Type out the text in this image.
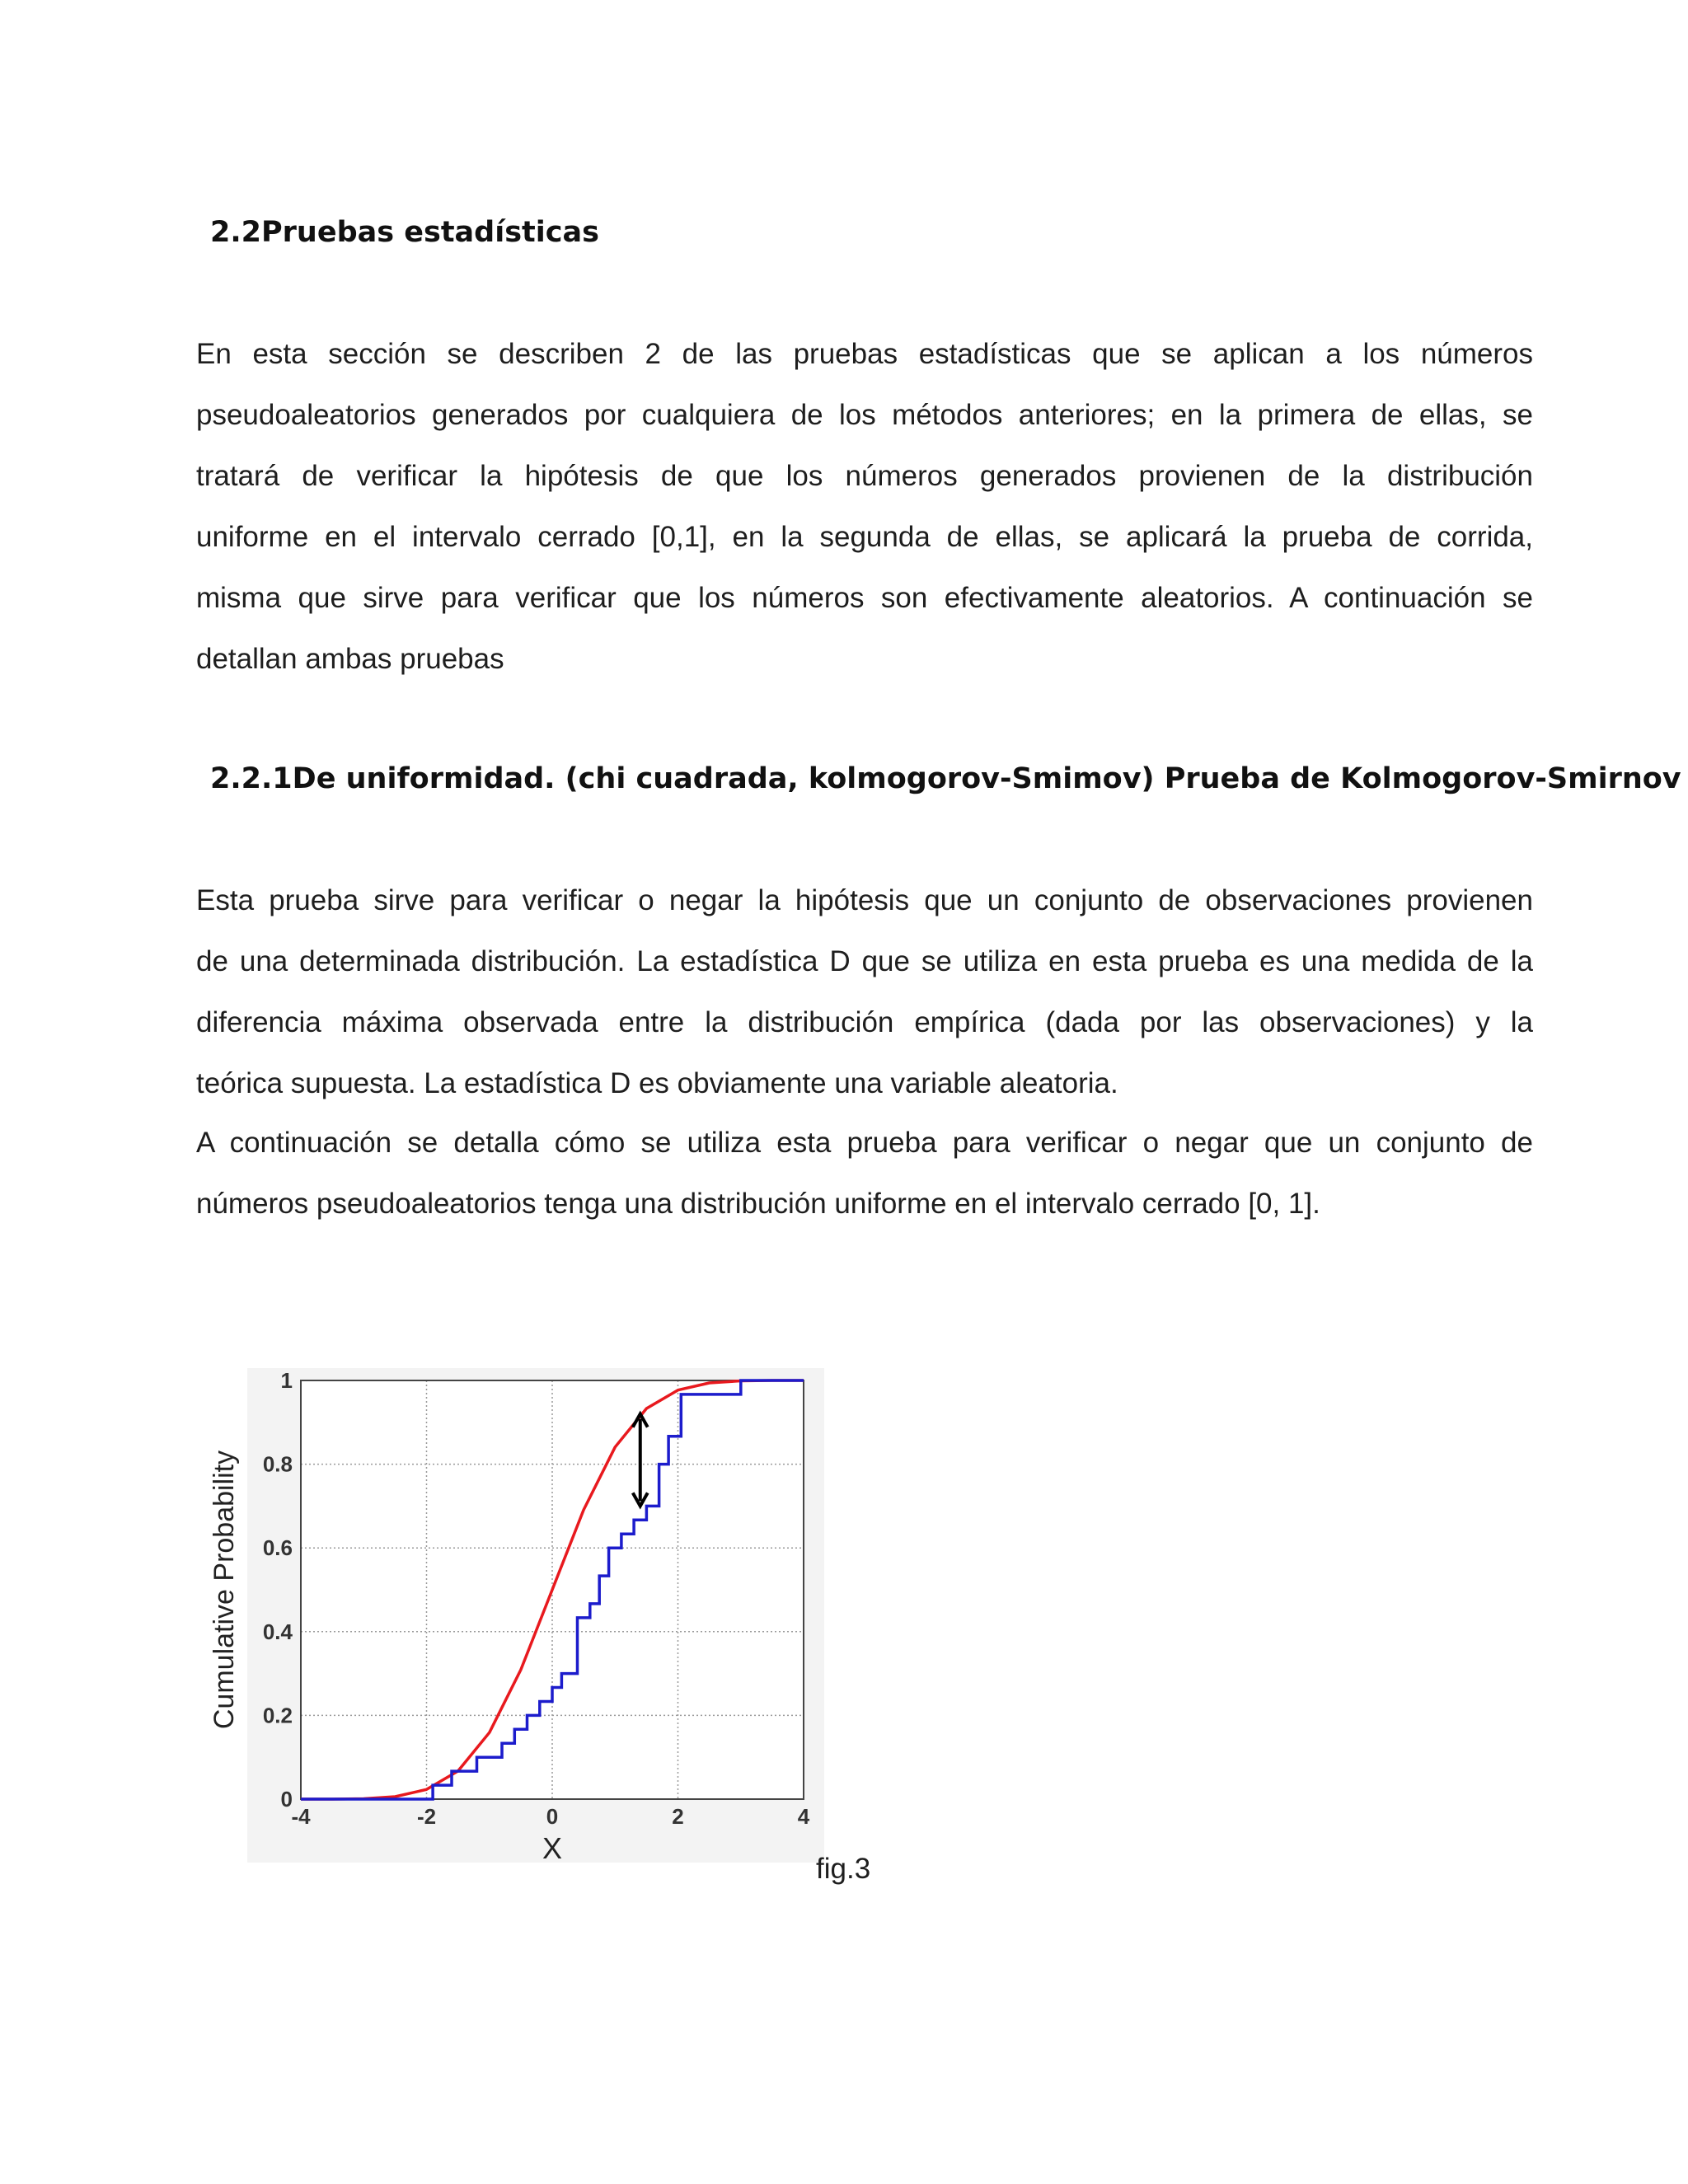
2.2Pruebas estadísticas
En esta sección se describen 2 de las pruebas estadísticas que se aplican a los números
pseudoaleatorios generados por cualquiera de los métodos anteriores; en la primera de ellas, se
tratará de verificar la hipótesis de que los números generados provienen de la distribución
uniforme en el intervalo cerrado [0,1], en la segunda de ellas, se aplicará la prueba de corrida,
misma que sirve para verificar que los números son efectivamente aleatorios. A continuación se
detallan ambas pruebas
2.2.1De uniformidad. (chi cuadrada, kolmogorov-Smimov) Prueba de Kolmogorov-Smirnov
Esta prueba sirve para verificar o negar la hipótesis que un conjunto de observaciones provienen
de una determinada distribución. La estadística D que se utiliza en esta prueba es una medida de la
diferencia máxima observada entre la distribución empírica (dada por las observaciones) y la
teórica supuesta. La estadística D es obviamente una variable aleatoria.
A continuación se detalla cómo se utiliza esta prueba para verificar o negar que un conjunto de
números pseudoaleatorios tenga una distribución uniforme en el intervalo cerrado [0, 1].
-4	-2	0	2	4
0
0.2
0.4
0.6
0.8
1
X
Cumulative Probability
fig.3
